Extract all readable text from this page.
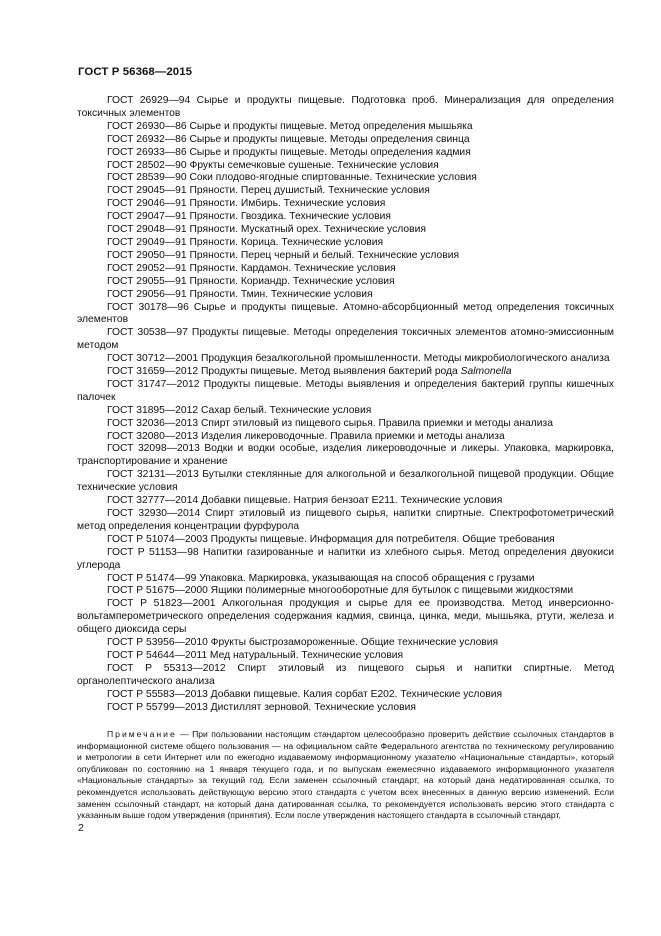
ГОСТ Р 56368—2015

ГОСТ 26929—94 Сырье и продукты пищевые. Подготовка проб. Минерализация для определения токсичных элементов

ГОСТ 26930—86 Сырье и продукты пищевые. Метод определения мышьяка

ГОСТ 26932—86 Сырье и продукты пищевые. Методы определения свинца

ГОСТ 26933—86 Сырье и продукты пищевые. Методы определения кадмия

ГОСТ 28502—90 Фрукты семечковые сушеные. Технические условия

ГОСТ 28539—90 Соки плодово-ягодные спиртованные. Технические условия

ГОСТ 29045—91 Пряности. Перец душистый. Технические условия

ГОСТ 29046—91 Пряности. Имбирь. Технические условия

ГОСТ 29047—91 Пряности. Гвоздика. Технические условия

ГОСТ 29048—91 Пряности. Мускатный орех. Технические условия

ГОСТ 29049—91 Пряности. Корица. Технические условия

ГОСТ 29050—91 Пряности. Перец черный и белый. Технические условия

ГОСТ 29052—91 Пряности. Кардамон. Технические условия

ГОСТ 29055—91 Пряности. Кориандр. Технические условия

ГОСТ 29056—91 Пряности. Тмин. Технические условия

ГОСТ 30178—96 Сырье и продукты пищевые. Атомно-абсорбционный метод определения токсичных элементов

ГОСТ 30538—97 Продукты пищевые. Методы определения токсичных элементов атомно-эмиссионным методом

ГОСТ 30712—2001 Продукция безалкогольной промышленности. Методы микробиологического анализа

ГОСТ 31659—2012 Продукты пищевые. Метод выявления бактерий рода Salmonella

ГОСТ 31747—2012 Продукты пищевые. Методы выявления и определения бактерий группы кишечных палочек

ГОСТ 31895—2012 Сахар белый. Технические условия

ГОСТ 32036—2013 Спирт этиловый из пищевого сырья. Правила приемки и методы анализа

ГОСТ 32080—2013 Изделия ликероводочные. Правила приемки и методы анализа

ГОСТ 32098—2013 Водки и водки особые, изделия ликероводочные и ликеры. Упаковка, маркировка, транспортирование и хранение

ГОСТ 32131—2013 Бутылки стеклянные для алкогольной и безалкогольной пищевой продукции. Общие технические условия

ГОСТ 32777—2014 Добавки пищевые. Натрия бензоат Е211. Технические условия

ГОСТ 32930—2014 Спирт этиловый из пищевого сырья, напитки спиртные. Спектрофотометрический метод определения концентрации фурфурола

ГОСТ Р 51074—2003 Продукты пищевые. Информация для потребителя. Общие требования

ГОСТ Р 51153—98 Напитки газированные и напитки из хлебного сырья. Метод определения двуокиси углерода

ГОСТ Р 51474—99 Упаковка. Маркировка, указывающая на способ обращения с грузами

ГОСТ Р 51675—2000 Ящики полимерные многооборотные для бутылок с пищевыми жидкостями

ГОСТ Р 51823—2001 Алкогольная продукция и сырье для ее производства. Метод инверсионно-вольтамперометрического определения содержания кадмия, свинца, цинка, меди, мышьяка, ртути, железа и общего диоксида серы

ГОСТ Р 53956—2010 Фрукты быстрозамороженные. Общие технические условия

ГОСТ Р 54644—2011 Мед натуральный. Технические условия

ГОСТ Р 55313—2012 Спирт этиловый из пищевого сырья и напитки спиртные. Метод органолептического анализа

ГОСТ Р 55583—2013 Добавки пищевые. Калия сорбат Е202. Технические условия

ГОСТ Р 55799—2013 Дистиллят зерновой. Технические условия

Примечание — При пользовании настоящим стандартом целесообразно проверить действие ссылочных стандартов в информационной системе общего пользования — на официальном сайте Федерального агентства по техническому регулированию и метрологии в сети Интернет или по ежегодно издаваемому информационному указателю «Национальные стандарты», который опубликован по состоянию на 1 января текущего года, и по выпускам ежемесячно издаваемого информационного указателя «Национальные стандарты» за текущий год. Если заменен ссылочный стандарт, на который дана недатированная ссылка, то рекомендуется использовать действующую версию этого стандарта с учетом всех внесенных в данную версию изменений. Если заменен ссылочный стандарт, на который дана датированная ссылка, то рекомендуется использовать версию этого стандарта с указанным выше годом утверждения (принятия). Если после утверждения настоящего стандарта в ссылочный стандарт,

2
